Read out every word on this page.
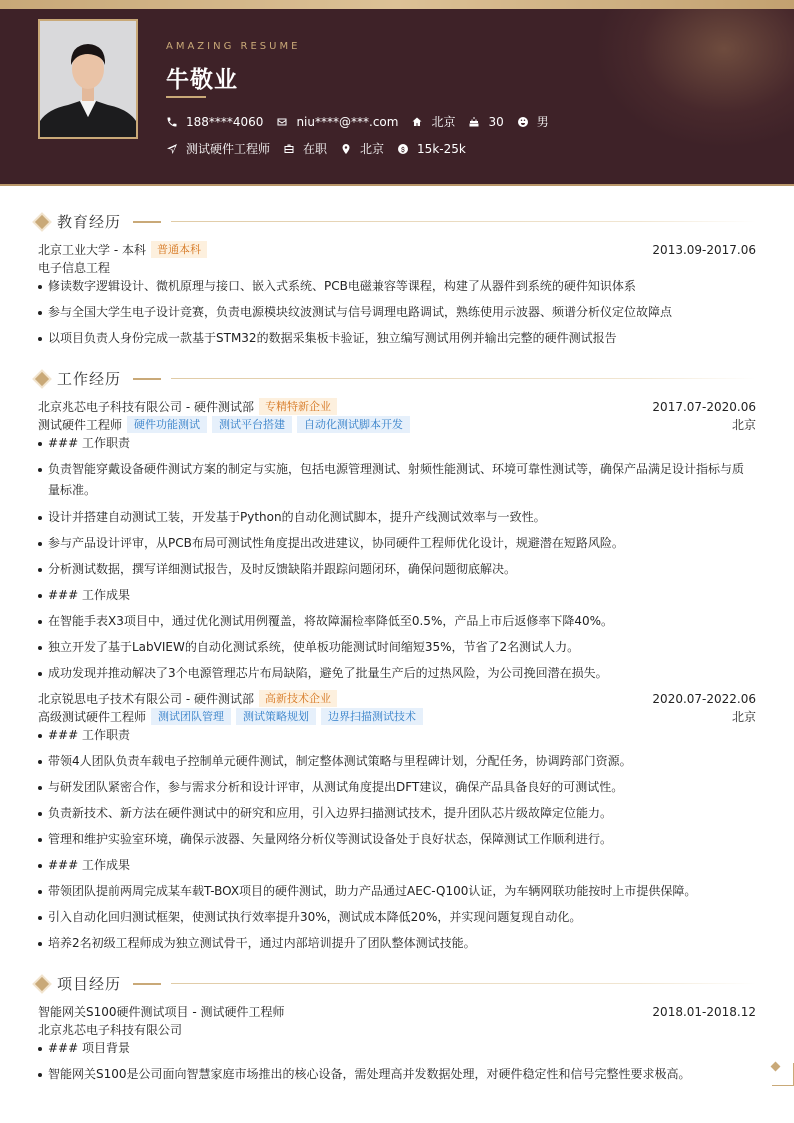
AMAZING RESUME
牛敬业
188****4060	niu****@***.com	北京	30	男
测试硬件工程师	在职	北京	15k-25k
教育经历
北京工业大学 - 本科	普通本科	2013.09-2017.06
电子信息工程
修读数字逻辑设计、微机原理与接口、嵌入式系统、PCB电磁兼容等课程，构建了从器件到系统的硬件知识体系
参与全国大学生电子设计竞赛，负责电源模块纹波测试与信号调理电路调试，熟练使用示波器、频谱分析仪定位故障点
以项目负责人身份完成一款基于STM32的数据采集板卡验证，独立编写测试用例并输出完整的硬件测试报告
工作经历
北京兆芯电子科技有限公司 - 硬件测试部	专精特新企业	2017.07-2020.06
测试硬件工程师	硬件功能测试	测试平台搭建	自动化测试脚本开发	北京
### 工作职责
负责智能穿戴设备硬件测试方案的制定与实施，包括电源管理测试、射频性能测试、环境可靠性测试等，确保产品满足设计指标与质量标准。
设计并搭建自动测试工装，开发基于Python的自动化测试脚本，提升产线测试效率与一致性。
参与产品设计评审，从PCB布局可测试性角度提出改进建议，协同硬件工程师优化设计，规避潜在短路风险。
分析测试数据，撰写详细测试报告，及时反馈缺陷并跟踪问题闭环，确保问题彻底解决。
### 工作成果
在智能手表X3项目中，通过优化测试用例覆盖，将故障漏检率降低至0.5%，产品上市后返修率下降40%。
独立开发了基于LabVIEW的自动化测试系统，使单板功能测试时间缩短35%，节省了2名测试人力。
成功发现并推动解决了3个电源管理芯片布局缺陷，避免了批量生产后的过热风险，为公司挽回潜在损失。
北京锐思电子技术有限公司 - 硬件测试部	高新技术企业	2020.07-2022.06
高级测试硬件工程师	测试团队管理	测试策略规划	边界扫描测试技术	北京
### 工作职责
带领4人团队负责车载电子控制单元硬件测试，制定整体测试策略与里程碑计划，分配任务，协调跨部门资源。
与研发团队紧密合作，参与需求分析和设计评审，从测试角度提出DFT建议，确保产品具备良好的可测试性。
负责新技术、新方法在硬件测试中的研究和应用，引入边界扫描测试技术，提升团队芯片级故障定位能力。
管理和维护实验室环境，确保示波器、矢量网络分析仪等测试设备处于良好状态，保障测试工作顺利进行。
### 工作成果
带领团队提前两周完成某车载T-BOX项目的硬件测试，助力产品通过AEC-Q100认证，为车辆网联功能按时上市提供保障。
引入自动化回归测试框架，使测试执行效率提升30%，测试成本降低20%，并实现问题复现自动化。
培养2名初级工程师成为独立测试骨干，通过内部培训提升了团队整体测试技能。
项目经历
智能网关S100硬件测试项目 - 测试硬件工程师	2018.01-2018.12
北京兆芯电子科技有限公司
### 项目背景
智能网关S100是公司面向智慧家庭市场推出的核心设备，需处理高并发数据处理，对硬件稳定性和信号完整性要求极高。
